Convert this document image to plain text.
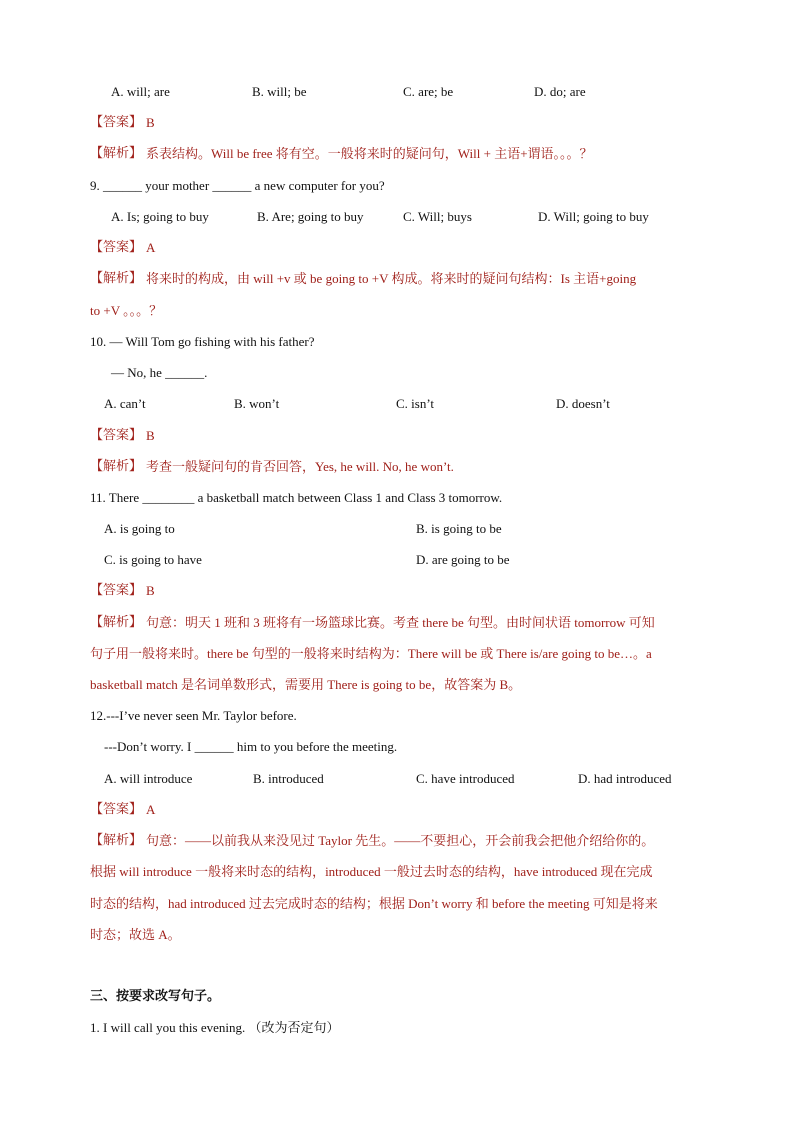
A. will; are	B. will; be	C. are; be	D. do; are
【答案】 B
【解析】 系表结构。Will be free 将有空。一般将来时的疑问句，Will + 主语+谓语。。。？
9. ______ your mother ______ a new computer for you?
A. Is; going to buy	B. Are; going to buy	C. Will; buys	D. Will; going to buy
【答案】 A
【解析】 将来时的构成，由 will +v 或 be going to +V 构成。将来时的疑问句结构：Is 主语+going
to +V 。。。？
10. — Will Tom go fishing with his father?
— No, he ______.
A. can’t	B. won’t	C. isn’t	D. doesn’t
【答案】 B
【解析】 考查一般疑问句的肯否回答，Yes, he will. No, he won’t.
11. There ________ a basketball match between Class 1 and Class 3 tomorrow.
A. is going to	B. is going to be
C. is going to have	D. are going to be
【答案】 B
【解析】 句意：明天 1 班和 3 班将有一场篮球比赛。考查 there be 句型。由时间状语 tomorrow 可知
句子用一般将来时。there be 句型的一般将来时结构为：There will be 或 There is/are going to be…。a
basketball match 是名词单数形式，需要用 There is going to be，故答案为 B。
12.---I’ve never seen Mr. Taylor before.
---Don’t worry. I ______ him to you before the meeting.
A. will introduce	B. introduced	C. have introduced	D. had introduced
【答案】 A
【解析】 句意：——以前我从来没见过 Taylor 先生。——不要担心，开会前我会把他介绍给你的。
根据 will introduce 一般将来时态的结构，introduced 一般过去时态的结构，have introduced 现在完成
时态的结构，had introduced 过去完成时态的结构；根据 Don’t worry 和 before the meeting 可知是将来
时态；故选 A。
三、按要求改写句子。
1. I will call you this evening. （改为否定句）
